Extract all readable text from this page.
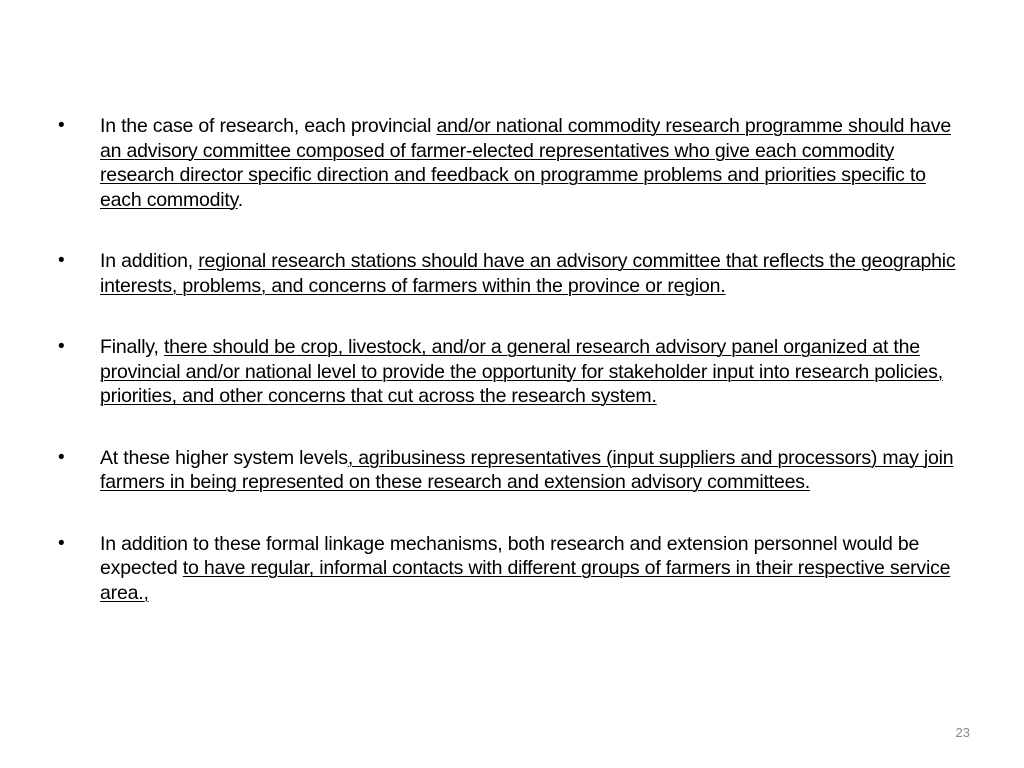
• In the case of research, each provincial and/or national commodity research programme should have an advisory committee composed of farmer-elected representatives who give each commodity research director specific direction and feedback on programme problems and priorities specific to each commodity.
• In addition, regional research stations should have an advisory committee that reflects the geographic interests, problems, and concerns of farmers within the province or region.
• Finally, there should be crop, livestock, and/or a general research advisory panel organized at the provincial and/or national level to provide the opportunity for stakeholder input into research policies, priorities, and other concerns that cut across the research system.
• At these higher system levels, agribusiness representatives (input suppliers and processors) may join farmers in being represented on these research and extension advisory committees.
• In addition to these formal linkage mechanisms, both research and extension personnel would be expected to have regular, informal contacts with different groups of farmers in their respective service area.,
23
